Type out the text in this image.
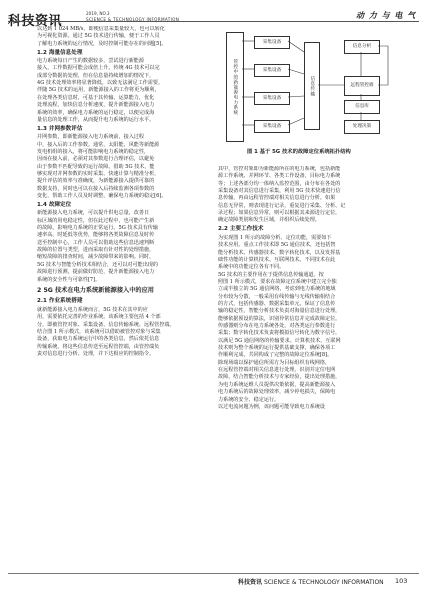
科技资讯
2019, NO.3
SCIENCE & TECHNOLOGY INFORMATION	动 力 与 电 气
以达到 1 024 MB/s，即便信息采集量较大，也可以转化
为可视化资源。通过 5G 技术进行传输，便于工作人员
了解电力系统的运行情况，及时控制可能存在的问题[5]。
1.2 海量信息处理
电力系统每日产生的数据较多，尝试进行新能源
接入，工作数据可能会成倍上升。传统 4G 技术可以完
成部分数据的处理，但在信息量持续增加的情况下，
4G 技术处理效率将显著降低，以致无法满足工作需要。
伴随 5G 技术的运用，新能源接入的工作将更为顺利，
在处理各类信息时，可基于其传输、运算能力，优化
处理流程，加快信息分析速度，提升新能源接入电力
系统的效率，确保电力系统的运行稳定，以便完成海
量信息的处理工作，从而提升电力系统的运行水平。
1.3 并网参数评估
并网参数，即新能源接入电力系统前，接入过程
中，接入后的工作参数。通常，太阳能、风能等新能源
发电机组的接入，将可能影响电力系统的稳定性，
因而在接入前，必须对其参数进行合理评估，以避免
由于参数不匹配导致的运行故障。借助 5G 技术，能
够实现对并网参数的实时采集、快速计算与精准分析，
提升评估的效率与准确度，为新能源接入提供可靠的
数据支持，同时也可以在接入后持续监测各项参数的
变化，帮助工作人员及时调整，确保电力系统的稳定[6]。
1.4 故障定位
新能源接入电力系统，可以提升供电总量，改善日
标区域的用电稳定性，但在此过程中，也可能产生新
的故障，影响电力系统的正常运行。5G 技术具有传输
速率高、时延低等优势，能够将各类故障信息及时传
送至控制中心，工作人员可以借助这些信息迅速判断
故障的位置与类型，进而采取有针对性的处理措施，
缩短故障的排查时间，减少故障带来的影响。同时，
5G 技术与智能分析技术相结合，还可以对可能出现的
故障进行预测，提前做好防范，提升新能源接入电力
系统的安全性与可靠性[7]。
2 5G 技术在电力系统新能源接入中的应用
2.1 作业系统搭建
就新能源接入电力系统而言，5G 技术在其中的应
用，需要依托完善的作业系统。该系统主要包括 4 个部
分，即被管控对象、采集设备、信息传输系统、远程管控端。
结合图 1 所示模式，该系统可以借助被管控对象与采集
设备，获取电力系统运行中的各类信息，然后依托信息
传输系统，将这些信息传送至远程管控端，由管控端负
责对信息进行分析、处理，并下达相应的控制指令。
管控中的新能源电力系统
采集设备
采集设备
采集设备
采集设备
信息传输
信息分析
远程管控端
信息库
处理决策
图 1 基于 5G 技术的故障定位系统拓扑结构
其中，管控对象即为新能源所在的电力系统，包括新能
源工作系统、并网环节、各类工作设备，目标电力系统
等；上述各部分均一体纳入监控范围，由分布在各处的
采集设备对其信息进行采集，利用 5G 技术快速进行信
息传输，再由远程管控端对相关信息进行分析。如果
信息无异常，则表现进行记录，重复进行采集、分析、记
录过程；如果信息异常，则可以根据其来源进行定位，
确定故障类别和发生区域，并组织后续处理。
2.2 主要工作技术
为实现图 1 所示的故障分析、定位功能，需要如下
技术应用。重点工作技术即 5G 通信技术，还包括智
能分析技术、传感器技术、数字转化技术，以及发挥基
础性功能的计算机技术、互联网技术。不同技术在此
系统中的功能定位各有不同。
5G 技术的主要作用在于提供信息传输通道。按
照图 1 所示模式，要求在故障定位系统中建立完全独
立或半独立的 5G 通信网络，考虑到电力系统的地域
分布较为分散，一般采用有线传输与无线传输相结合
的方式，包括传感器、数据采集单元，保证了信息传
输的稳定性。智能分析技术负责对海量信息进行处理，
能够依据预设的算法，识别异常信息并完成故障定位。
传感器则分布在电力系统各处，对各类运行参数进行
采集；数字转化技术负责将模拟信号转化为数字信号，
以满足 5G 通信网络的传输要求。计算机技术、互联网
技术则为整个系统的运行提供基础支撑，确保各项工
作顺利完成，共同构成了完整的故障定位系统[8]。
除现场端以保护通信所需方为目标组织有线网络，
在远程管控端对相关信息进行处理，识别并定位电网
故障，结合智能分析技术与专家经验，提出处理措施，
为电力系统运维人员提供决策依据，提高新能源接入
电力系统后的故障处理效率，减少停电损失，保障电
力系统的安全、稳定运行。
以过电流问题为例，该问题可能导致电力系统设
科技资讯 SCIENCE & TECHNOLOGY INFORMATION 103
